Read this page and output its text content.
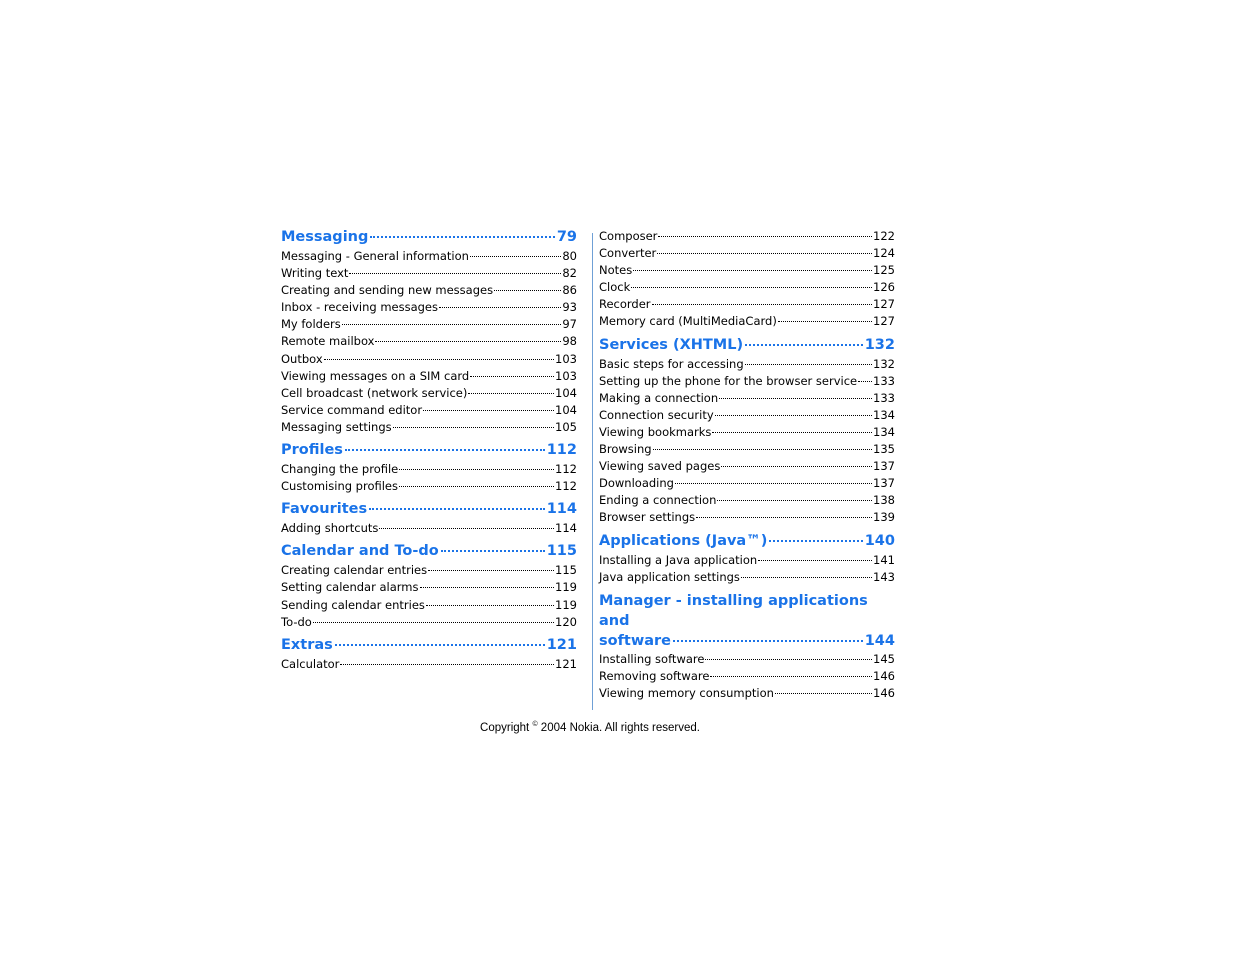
Messaging	79
Messaging - General information	80
Writing text	82
Creating and sending new messages	86
Inbox - receiving messages	93
My folders	97
Remote mailbox	98
Outbox	103
Viewing messages on a SIM card	103
Cell broadcast (network service)	104
Service command editor	104
Messaging settings	105
Profiles	112
Changing the profile	112
Customising profiles	112
Favourites	114
Adding shortcuts	114
Calendar and To-do	115
Creating calendar entries	115
Setting calendar alarms	119
Sending calendar entries	119
To-do	120
Extras	121
Calculator	121
Composer	122
Converter	124
Notes	125
Clock	126
Recorder	127
Memory card (MultiMediaCard)	127
Services (XHTML)	132
Basic steps for accessing	132
Setting up the phone for the browser service 133
Making a connection	133
Connection security	134
Viewing bookmarks	134
Browsing	135
Viewing saved pages	137
Downloading	137
Ending a connection	138
Browser settings	139
Applications (Java™)	140
Installing a Java application	141
Java application settings	143
Manager - installing applications and
software	144
Installing software	145
Removing software	146
Viewing memory consumption	146
Copyright © 2004 Nokia. All rights reserved.
